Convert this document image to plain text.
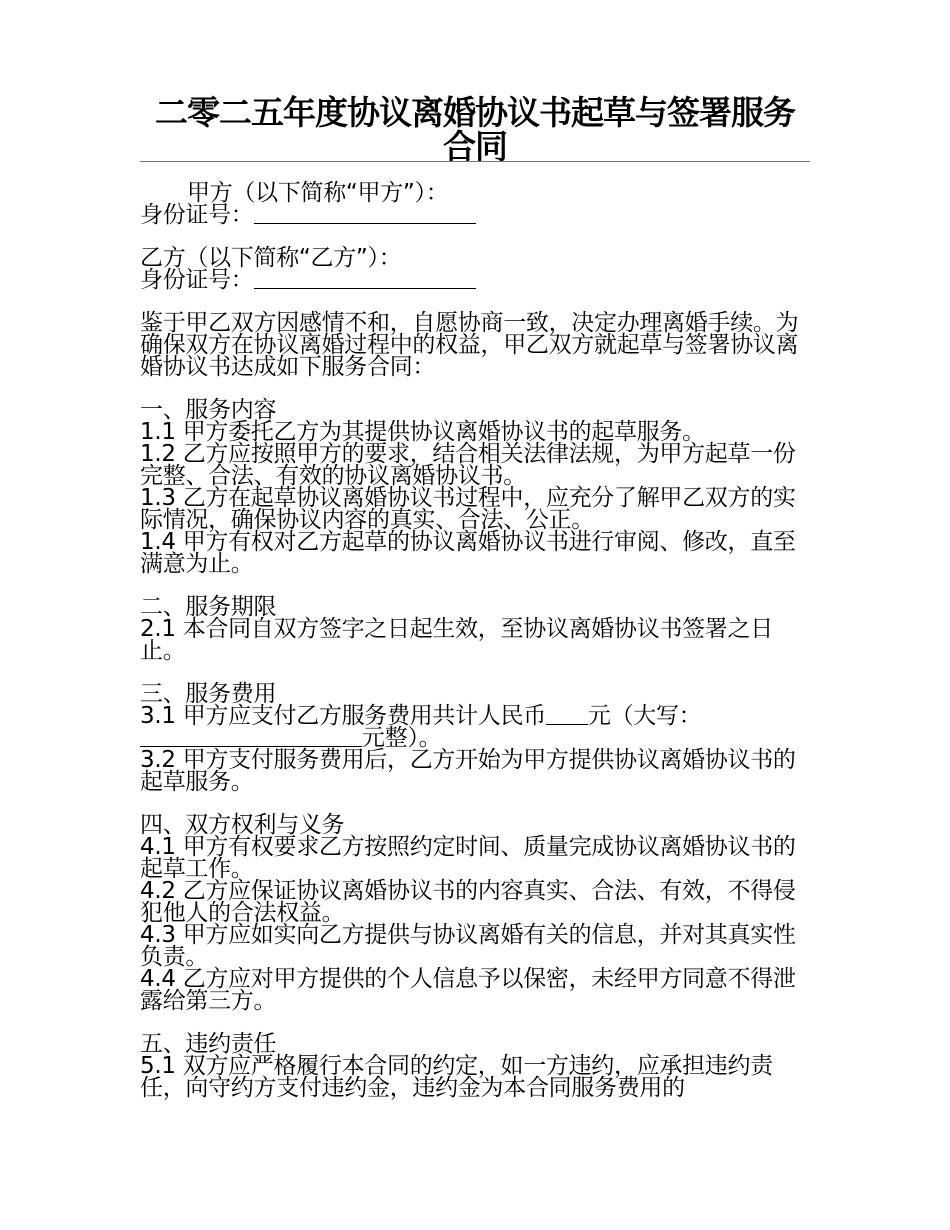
二零二五年度协议离婚协议书起草与签署服务合同

甲方（以下简称“甲方”）：

身份证号：

乙方（以下简称“乙方”）：

身份证号：

鉴于甲乙双方因感情不和，自愿协商一致，决定办理离婚手续。为确保双方在协议离婚过程中的权益，甲乙双方就起草与签署协议离婚协议书达成如下服务合同：

一、服务内容

1.1 甲方委托乙方为其提供协议离婚协议书的起草服务。

1.2 乙方应按照甲方的要求，结合相关法律法规，为甲方起草一份完整、合法、有效的协议离婚协议书。

1.3 乙方在起草协议离婚协议书过程中，应充分了解甲乙双方的实际情况，确保协议内容的真实、合法、公正。

1.4 甲方有权对乙方起草的协议离婚协议书进行审阅、修改，直至满意为止。

二、服务期限

2.1 本合同自双方签字之日起生效，至协议离婚协议书签署之日止。

三、服务费用

3.1 甲方应支付乙方服务费用共计人民币 元（大写：
元整）。

3.2 甲方支付服务费用后，乙方开始为甲方提供协议离婚协议书的起草服务。

四、双方权利与义务

4.1 甲方有权要求乙方按照约定时间、质量完成协议离婚协议书的起草工作。

4.2 乙方应保证协议离婚协议书的内容真实、合法、有效，不得侵犯他人的合法权益。

4.3 甲方应如实向乙方提供与协议离婚有关的信息，并对其真实性负责。

4.4 乙方应对甲方提供的个人信息予以保密，未经甲方同意不得泄露给第三方。

五、违约责任

5.1 双方应严格履行本合同的约定，如一方违约，应承担违约责任，向守约方支付违约金，违约金为本合同服务费用的
